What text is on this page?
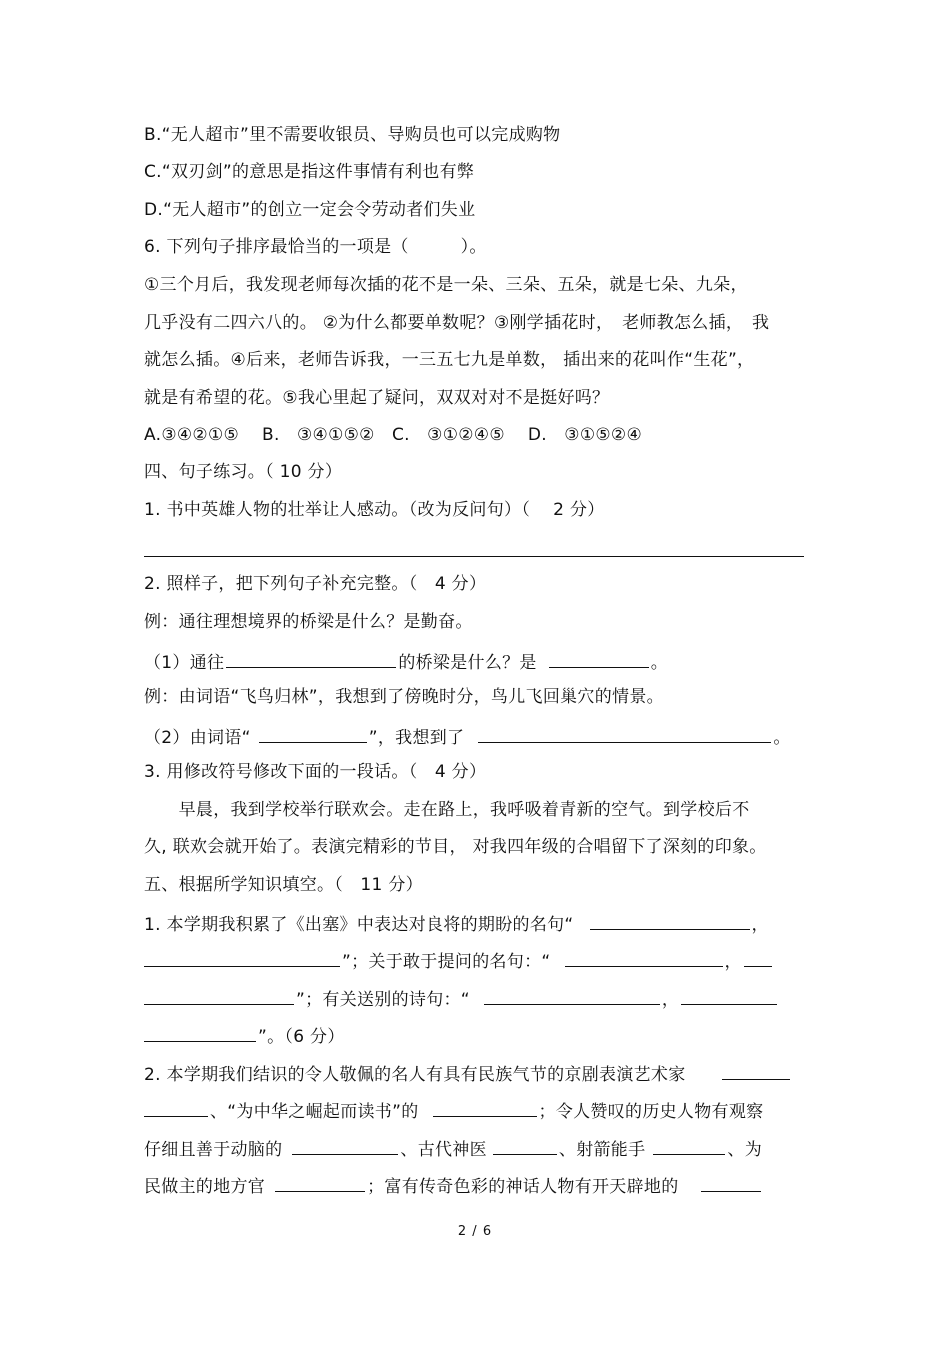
B.“无人超市”里不需要收银员、导购员也可以完成购物
C.“双刃剑”的意思是指这件事情有利也有弊
D.“无人超市”的创立一定会令劳动者们失业
6. 下列句子排序最恰当的一项是（　　　）。
①三个月后，我发现老师每次插的花不是一朵、三朵、五朵，就是七朵、九朵，
几乎没有二四六八的。 ②为什么都要单数呢？③刚学插花时，　老师教怎么插，　我
就怎么插。④后来，老师告诉我，一三五七九是单数， 插出来的花叫作“生花”，
就是有希望的花。⑤我心里起了疑问，双双对对不是挺好吗？
A.③④②①⑤　 B.　③④①⑤②　C.　③①②④⑤　 D.　③①⑤②④
四、句子练习。（ 10 分）
1. 书中英雄人物的壮举让人感动。（改为反问句）（　 2 分）
2. 照样子，把下列句子补充完整。（　4 分）
例：通往理想境界的桥梁是什么？是勤奋。
（1）通往	的桥梁是什么？是	。
例：由词语“飞鸟归林”，我想到了傍晚时分，鸟儿飞回巢穴的情景。
（2）由词语“	”，我想到了	。
3. 用修改符号修改下面的一段话。（　4 分）
　　早晨，我到学校举行联欢会。走在路上，我呼吸着青新的空气。到学校后不
久, 联欢会就开始了。表演完精彩的节目， 对我四年级的合唱留下了深刻的印象。
五、根据所学知识填空。（　11 分）
1. 本学期我积累了《出塞》中表达对良将的期盼的名句“	，
”；关于敢于提问的名句：“	，
”；有关送别的诗句：“	，
”。（6 分）
2. 本学期我们结识的令人敬佩的名人有具有民族气节的京剧表演艺术家
、“为中华之崛起而读书”的	；令人赞叹的历史人物有观察
仔细且善于动脑的	、古代神医	、射箭能手	、为
民做主的地方官	；富有传奇色彩的神话人物有开天辟地的
2 / 6
